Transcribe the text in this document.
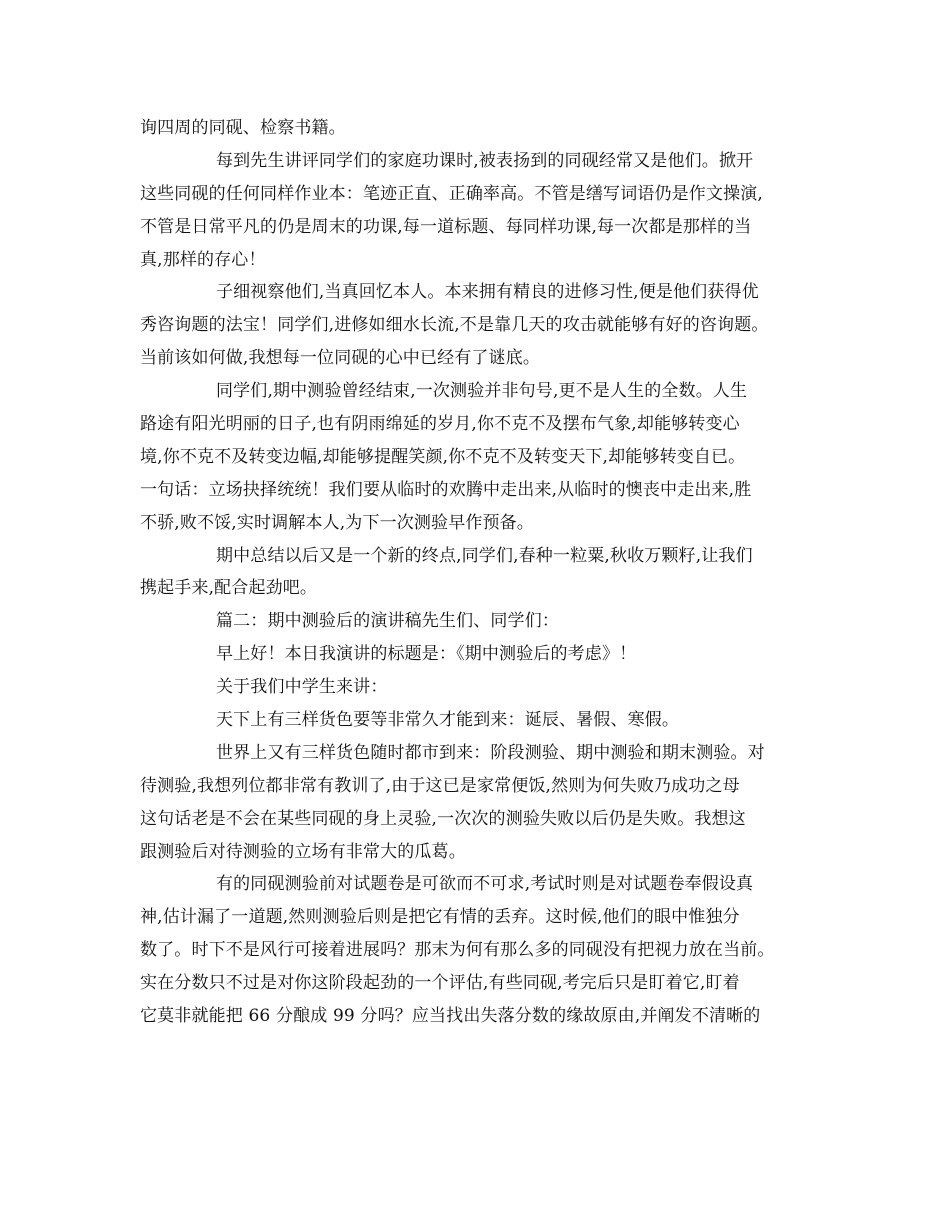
询四周的同砚、检察书籍。
每到先生讲评同学们的家庭功课时,被表扬到的同砚经常又是他们。掀开
这些同砚的任何同样作业本：笔迹正直、正确率高。不管是缮写词语仍是作文操演,
不管是日常平凡的仍是周末的功课,每一道标题、每同样功课,每一次都是那样的当
真,那样的存心！
子细视察他们,当真回忆本人。本来拥有精良的进修习性,便是他们获得优
秀咨询题的法宝！同学们,进修如细水长流,不是靠几天的攻击就能够有好的咨询题。
当前该如何做,我想每一位同砚的心中已经有了谜底。
同学们,期中测验曾经结束,一次测验并非句号,更不是人生的全数。人生
路途有阳光明丽的日子,也有阴雨绵延的岁月,你不克不及摆布气象,却能够转变心
境,你不克不及转变边幅,却能够提醒笑颜,你不克不及转变天下,却能够转变自已。
一句话：立场抉择统统！我们要从临时的欢腾中走出来,从临时的懊丧中走出来,胜
不骄,败不馁,实时调解本人,为下一次测验早作预备。
期中总结以后又是一个新的终点,同学们,春种一粒粟,秋收万颗籽,让我们
携起手来,配合起劲吧。
篇二：期中测验后的演讲稿先生们、同学们：
早上好！本日我演讲的标题是：《期中测验后的考虑》！
关于我们中学生来讲：
天下上有三样货色要等非常久才能到来：诞辰、暑假、寒假。
世界上又有三样货色随时都市到来：阶段测验、期中测验和期末测验。对
待测验,我想列位都非常有教训了,由于这已是家常便饭,然则为何失败乃成功之母
这句话老是不会在某些同砚的身上灵验,一次次的测验失败以后仍是失败。我想这
跟测验后对待测验的立场有非常大的瓜葛。
有的同砚测验前对试题卷是可欲而不可求,考试时则是对试题卷奉假设真
神,估计漏了一道题,然则测验后则是把它有情的丢弃。这时候,他们的眼中惟独分
数了。时下不是风行可接着进展吗？那末为何有那么多的同砚没有把视力放在当前。
实在分数只不过是对你这阶段起劲的一个评估,有些同砚,考完后只是盯着它,盯着
它莫非就能把 66 分酿成 99 分吗？应当找出失落分数的缘故原由,并阐发不清晰的
